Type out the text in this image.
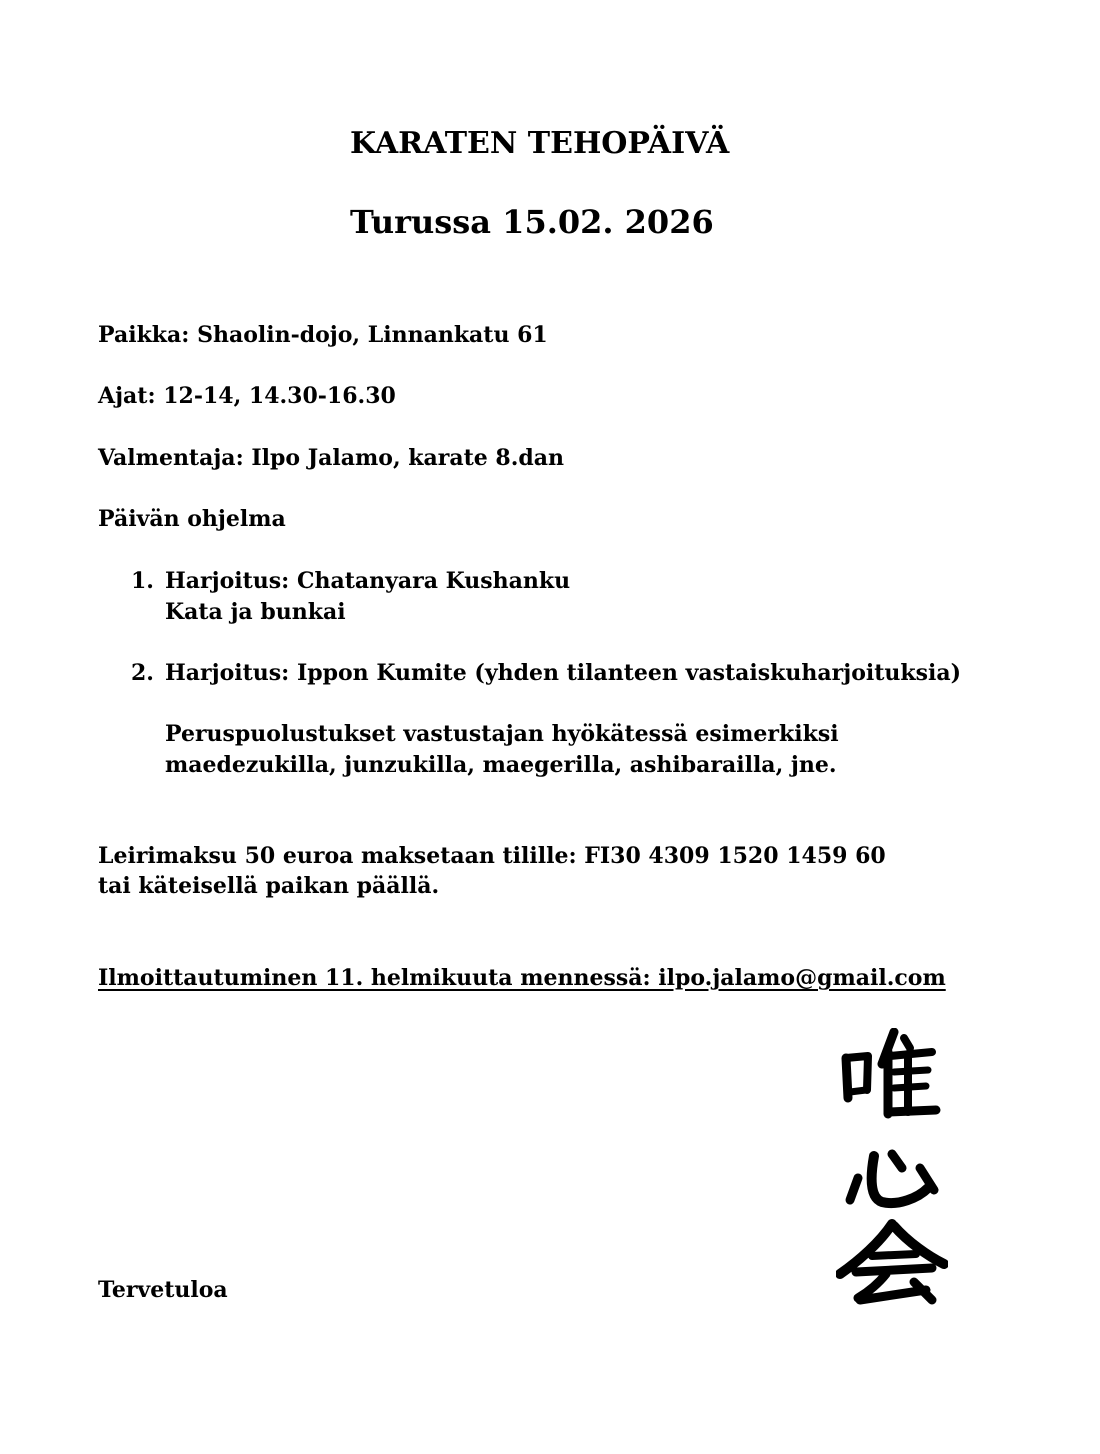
KARATEN TEHOPÄIVÄ
Turussa 15.02. 2026
Paikka: Shaolin-dojo, Linnankatu 61
Ajat: 12-14, 14.30-16.30
Valmentaja: Ilpo Jalamo, karate 8.dan
Päivän ohjelma
1. Harjoitus: Chatanyara Kushanku
Kata ja bunkai
2. Harjoitus: Ippon Kumite (yhden tilanteen vastaiskuharjoituksia)
Peruspuolustukset vastustajan hyökätessä esimerkiksi
maedezukilla, junzukilla, maegerilla, ashibarailla, jne.
Leirimaksu 50 euroa maksetaan tilille: FI30 4309 1520 1459 60
tai käteisellä paikan päällä.
Ilmoittautuminen 11. helmikuuta mennessä: ilpo.jalamo@gmail.com
Tervetuloa
